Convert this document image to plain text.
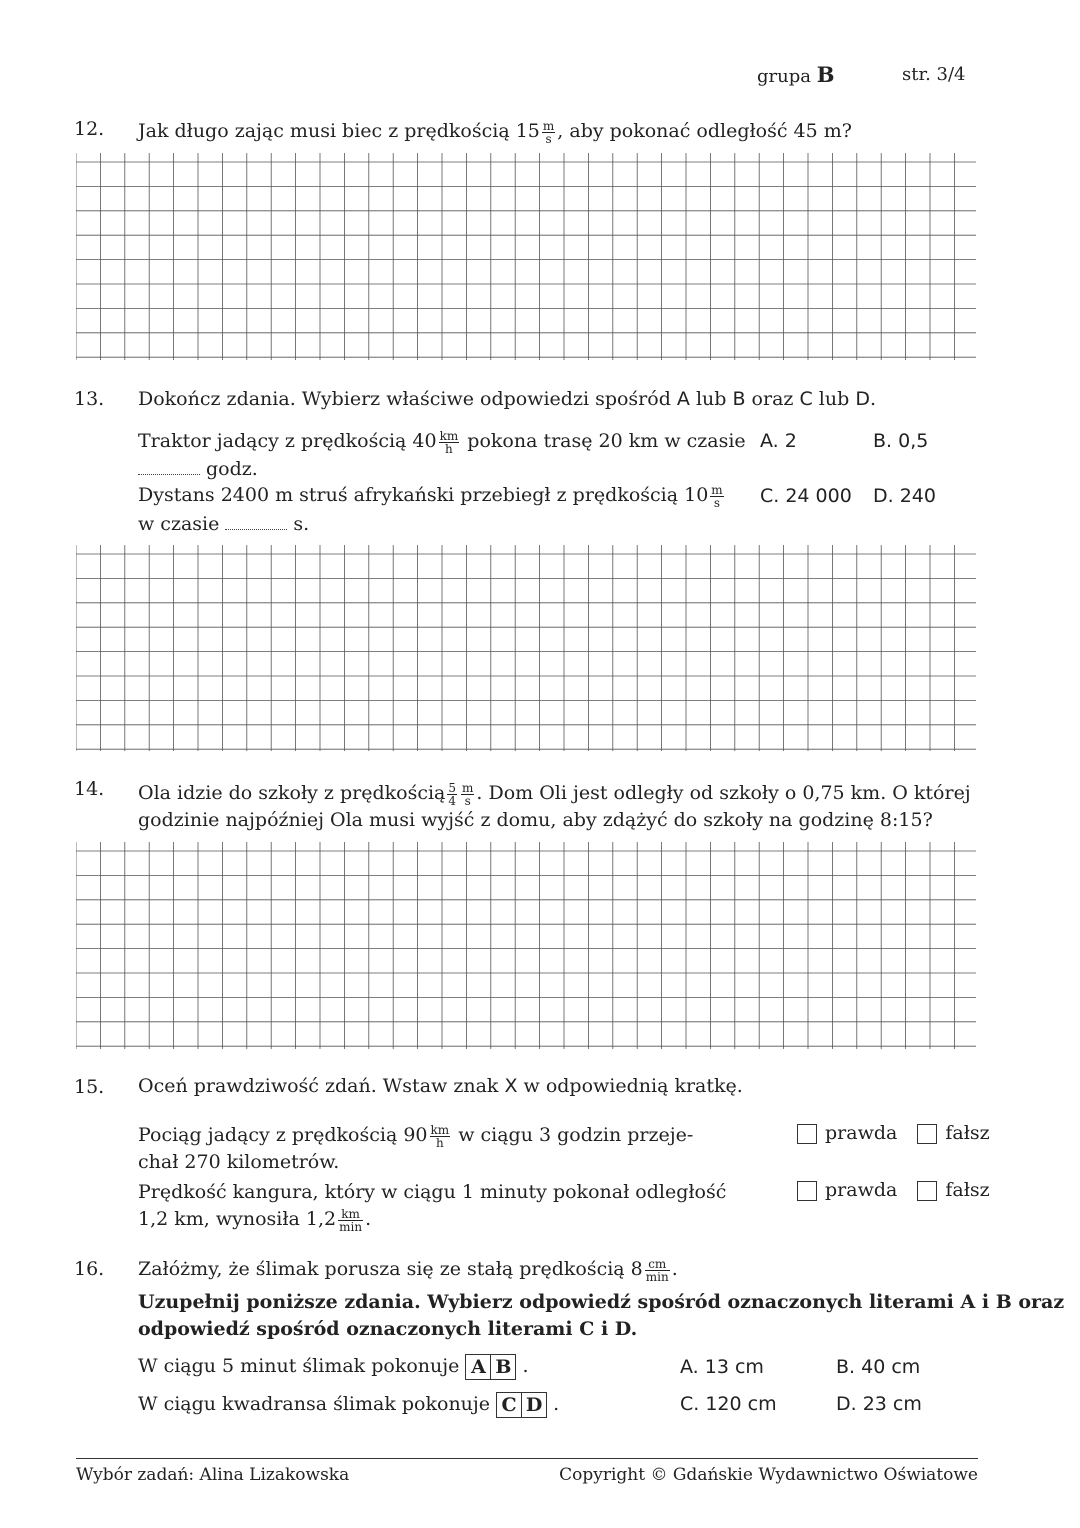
grupa B	str. 3/4
12. Jak długo zając musi biec z prędkością $15 \frac{m}{s}$ , aby pokonać odległość 45 m?
13. Dokończ zdania. Wybierz właściwe odpowiedzi spośród A lub B oraz C lub D.
Traktor jadący z prędkością $40 \frac{km}{h}$ pokona trasę 20 km w czasie
godz.
Dystans 2400 m struś afrykański przebiegł z prędkością $10 \frac{m}{s}$
w czasie	s.
A. 2	B. 0,5
C. 24 000 D. 240
14. Ola idzie do szkoły z prędkością $\frac{5}{4} \frac{m}{s}$ . Dom Oli jest odległy od szkoły o 0,75 km. O której
godzinie najpóźniej Ola musi wyjść z domu, aby zdążyć do szkoły na godzinę 8:15?
15. Oceń prawdziwość zdań. Wstaw znak X w odpowiednią kratkę.
Pociąg jadący z prędkością $90 \frac{km}{h}$ w ciągu 3 godzin przeje-
chał 270 kilometrów.
Prędkość kangura, który w ciągu 1 minuty pokonał odległość
1,2 km, wynosiła $1,2 \frac{km}{\min}$ .
prawda	fałsz
prawda	fałsz
16. Załóżmy, że ślimak porusza się ze stałą prędkością $8 \frac{cm}{\min}$ .
Uzupełnij poniższe zdania. Wybierz odpowiedź spośród oznaczonych literami A i B oraz
odpowiedź spośród oznaczonych literami C i D.
W ciągu 5 minut ślimak pokonuje A B .
W ciągu kwadransa ślimak pokonuje C D .
A. 13 cm	B. 40 cm
C. 120 cm	D. 23 cm
Wybór zadań: Alina Lizakowska	Copyright © Gdańskie Wydawnictwo Oświatowe
